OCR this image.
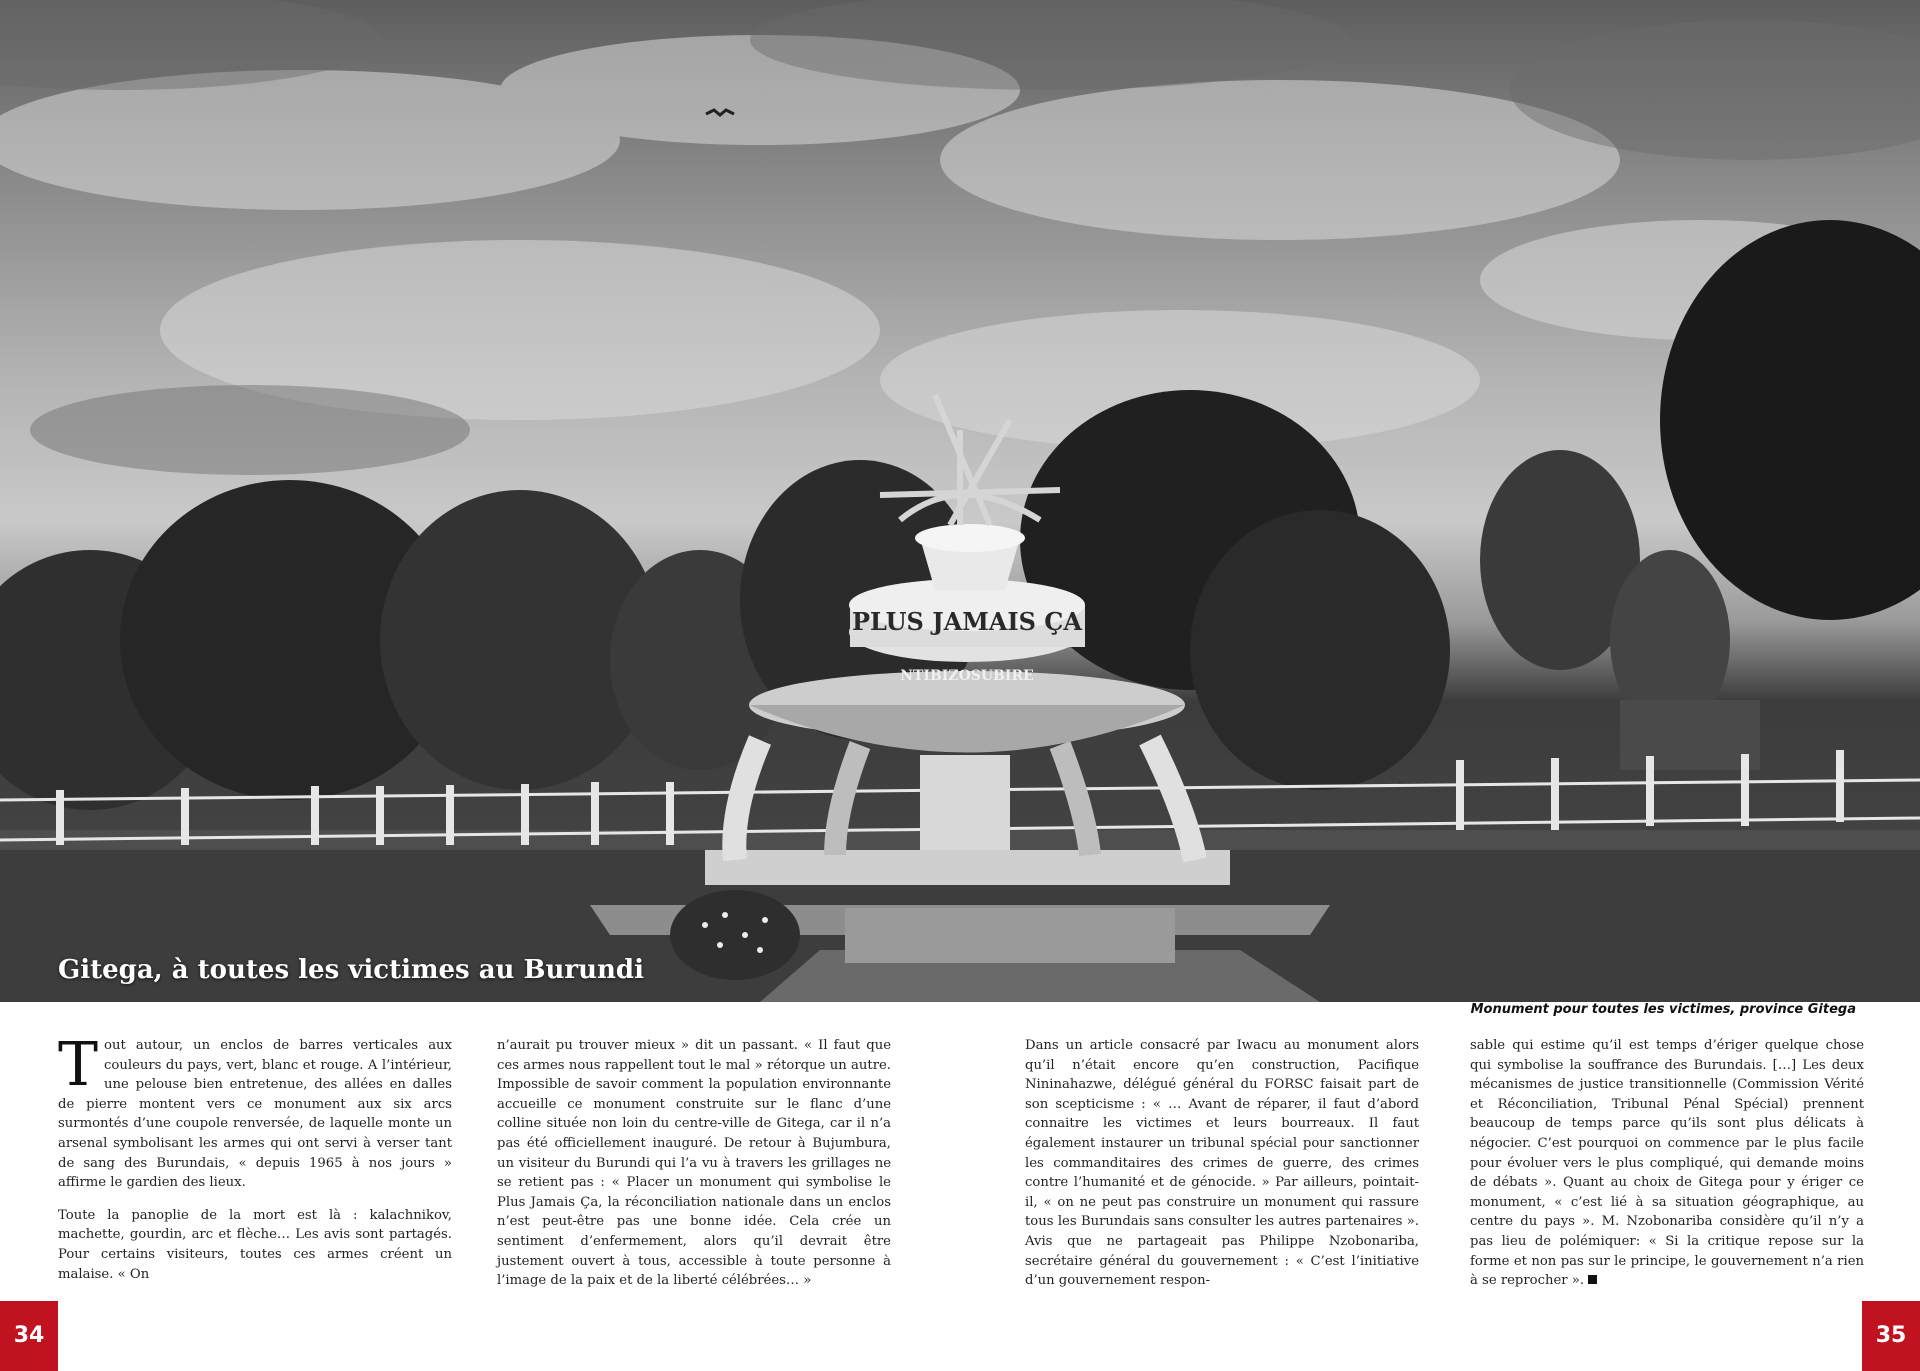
PLUS JAMAIS ÇA
NTIBIZOSUBIRE
Gitega, à toutes les victimes au Burundi
Monument pour toutes les victimes, province Gitega

Tout autour, un enclos de barres verticales aux couleurs du pays, vert, blanc et rouge. A l’intérieur, une pelouse bien entretenue, des allées en dalles de pierre montent vers ce monument aux six arcs surmontés d’une coupole renversée, de laquelle monte un arsenal symbolisant les armes qui ont servi à verser tant de sang des Burundais, « depuis 1965 à nos jours » affirme le gardien des lieux.

Toute la panoplie de la mort est là : kalachnikov, machette, gourdin, arc et flèche… Les avis sont partagés. Pour certains visiteurs, toutes ces armes créent un malaise. « On

n’aurait pu trouver mieux » dit un passant. « Il faut que ces armes nous rappellent tout le mal » rétorque un autre. Impossible de savoir comment la population environnante accueille ce monument construite sur le flanc d’une colline située non loin du centre-ville de Gitega, car il n’a pas été officiellement inauguré. De retour à Bujumbura, un visiteur du Burundi qui l’a vu à travers les grillages ne se retient pas : « Placer un monument qui symbolise le Plus Jamais Ça, la réconciliation nationale dans un enclos n’est peut-être pas une bonne idée. Cela crée un sentiment d’enfermement, alors qu’il devrait être justement ouvert à tous, accessible à toute personne à l’image de la paix et de la liberté célébrées… »

Dans un article consacré par Iwacu au monument alors qu’il n’était encore qu’en construction, Pacifique Nininahazwe, délégué général du FORSC faisait part de son scepticisme : « … Avant de réparer, il faut d’abord connaitre les victimes et leurs bourreaux. Il faut également instaurer un tribunal spécial pour sanctionner les commanditaires des crimes de guerre, des crimes contre l’humanité et de génocide. » Par ailleurs, pointait-il, « on ne peut pas construire un monument qui rassure tous les Burundais sans consulter les autres partenaires ». Avis que ne partageait pas Philippe Nzobonariba, secrétaire général du gouvernement : « C’est l’initiative d’un gouvernement respon-

sable qui estime qu’il est temps d’ériger quelque chose qui symbolise la souffrance des Burundais. […] Les deux mécanismes de justice transitionnelle (Commission Vérité et Réconciliation, Tribunal Pénal Spécial) prennent beaucoup de temps parce qu’ils sont plus délicats à négocier. C’est pourquoi on commence par le plus facile pour évoluer vers le plus compliqué, qui demande moins de débats ». Quant au choix de Gitega pour y ériger ce monument, « c’est lié à sa situation géographique, au centre du pays ». M. Nzobonariba considère qu’il n’y a pas lieu de polémiquer: « Si la critique repose sur la forme et non pas sur le principe, le gouvernement n’a rien à se reprocher ».

34	35
